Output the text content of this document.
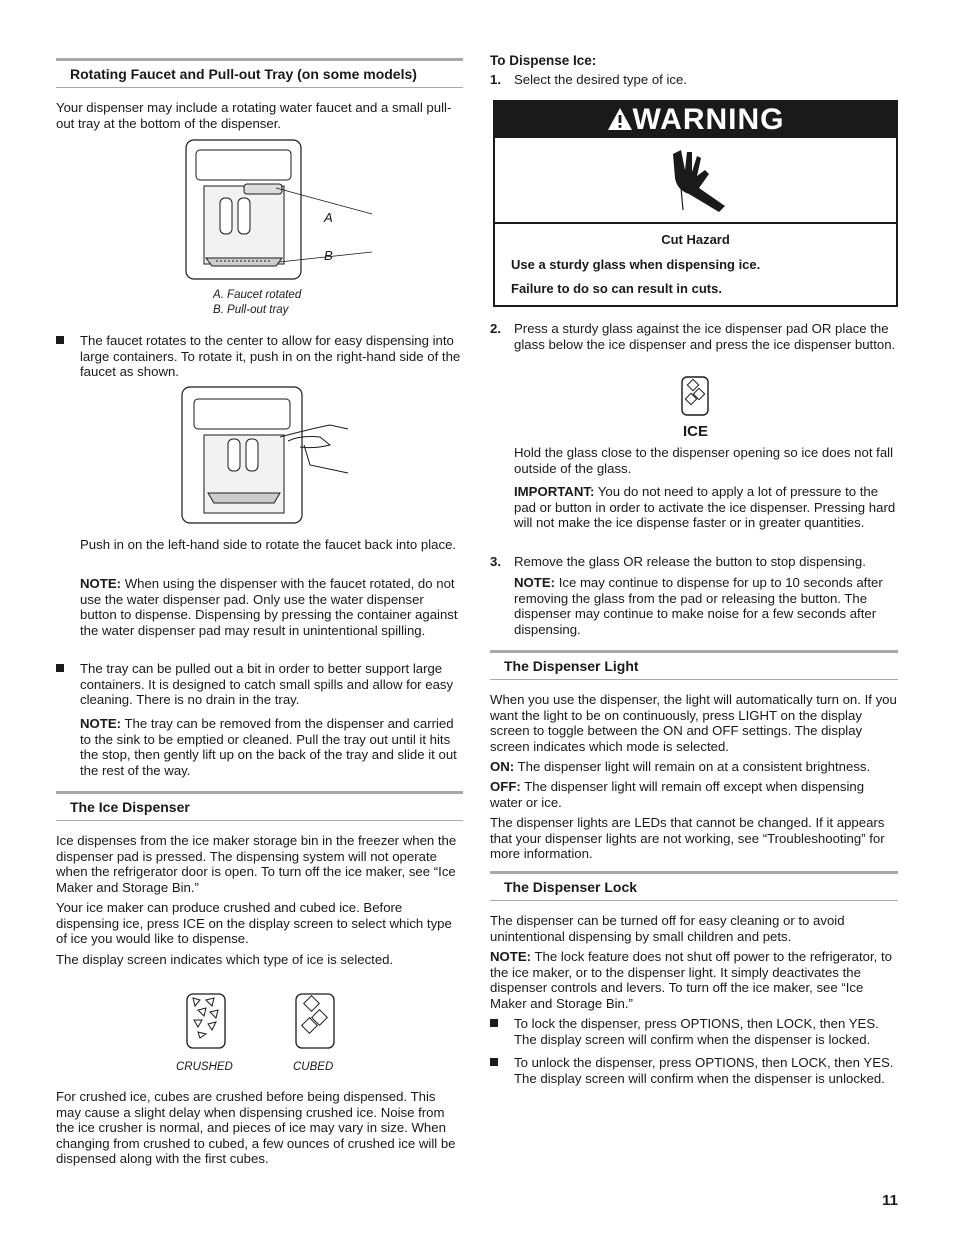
Rotating Faucet and Pull-out Tray (on some models)

Your dispenser may include a rotating water faucet and a small pull-out tray at the bottom of the dispenser.

A
B

A. Faucet rotated

B. Pull-out tray

The faucet rotates to the center to allow for easy dispensing into large containers. To rotate it, push in on the right-hand side of the faucet as shown.

Push in on the left-hand side to rotate the faucet back into place.

NOTE: When using the dispenser with the faucet rotated, do not use the water dispenser pad. Only use the water dispenser button to dispense. Dispensing by pressing the container against the water dispenser pad may result in unintentional spilling.

The tray can be pulled out a bit in order to better support large containers. It is designed to catch small spills and allow for easy cleaning. There is no drain in the tray.

NOTE: The tray can be removed from the dispenser and carried to the sink to be emptied or cleaned. Pull the tray out until it hits the stop, then gently lift up on the back of the tray and slide it out the rest of the way.

The Ice Dispenser

Ice dispenses from the ice maker storage bin in the freezer when the dispenser pad is pressed. The dispensing system will not operate when the refrigerator door is open. To turn off the ice maker, see “Ice Maker and Storage Bin.”

Your ice maker can produce crushed and cubed ice. Before dispensing ice, press ICE on the display screen to select which type of ice you would like to dispense.

The display screen indicates which type of ice is selected.

CRUSHED	CUBED

For crushed ice, cubes are crushed before being dispensed. This may cause a slight delay when dispensing crushed ice. Noise from the ice crusher is normal, and pieces of ice may vary in size. When changing from crushed to cubed, a few ounces of crushed ice will be dispensed along with the first cubes.

To Dispense Ice:

1. Select the desired type of ice.

WARNING

Cut Hazard

Use a sturdy glass when dispensing ice.

Failure to do so can result in cuts.

2. Press a sturdy glass against the ice dispenser pad OR place the glass below the ice dispenser and press the ice dispenser button.

ICE

Hold the glass close to the dispenser opening so ice does not fall outside of the glass.

IMPORTANT: You do not need to apply a lot of pressure to the pad or button in order to activate the ice dispenser. Pressing hard will not make the ice dispense faster or in greater quantities.

3. Remove the glass OR release the button to stop dispensing.

NOTE: Ice may continue to dispense for up to 10 seconds after removing the glass from the pad or releasing the button. The dispenser may continue to make noise for a few seconds after dispensing.

The Dispenser Light

When you use the dispenser, the light will automatically turn on. If you want the light to be on continuously, press LIGHT on the display screen to toggle between the ON and OFF settings. The display screen indicates which mode is selected.

ON: The dispenser light will remain on at a consistent brightness.

OFF: The dispenser light will remain off except when dispensing water or ice.

The dispenser lights are LEDs that cannot be changed. If it appears that your dispenser lights are not working, see “Troubleshooting” for more information.

The Dispenser Lock

The dispenser can be turned off for easy cleaning or to avoid unintentional dispensing by small children and pets.

NOTE: The lock feature does not shut off power to the refrigerator, to the ice maker, or to the dispenser light. It simply deactivates the dispenser controls and levers. To turn off the ice maker, see “Ice Maker and Storage Bin.”

To lock the dispenser, press OPTIONS, then LOCK, then YES. The display screen will confirm when the dispenser is locked.

To unlock the dispenser, press OPTIONS, then LOCK, then YES. The display screen will confirm when the dispenser is unlocked.

11
